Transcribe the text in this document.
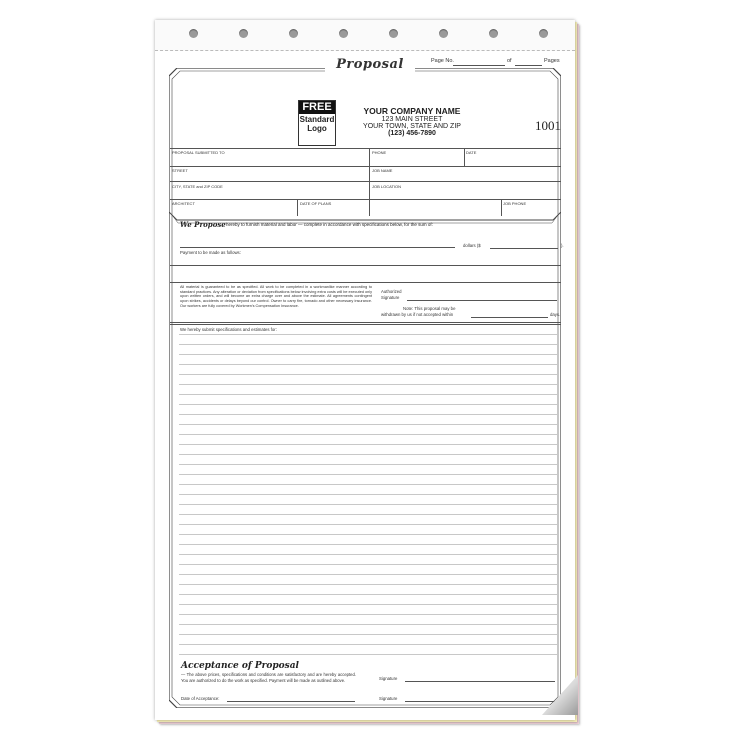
Proposal	Page No.	of	Pages
FREE
Standard
Logo
YOUR COMPANY NAME
123 MAIN STREET
YOUR TOWN, STATE AND ZIP
(123) 456-7890
1001
PROPOSAL SUBMITTED TO	PHONE	DATE
STREET	JOB NAME
CITY, STATE and ZIP CODE	JOB LOCATION
ARCHITECT	DATE OF PLANS	JOB PHONE
We Propose hereby to furnish material and labor — complete in accordance with specifications below, for the sum of:
dollars ($	).
Payment to be made as follows:
All material is guaranteed to be as specified. All work to be completed in a workmanlike manner according to standard practices. Any alteration or deviation from specifications below involving extra costs will be executed only upon written orders, and will become an extra charge over and above the estimate. All agreements contingent upon strikes, accidents or delays beyond our control. Owner to carry fire, tornado and other necessary insurance. Our workers are fully covered by Workmen's Compensation Insurance.
Authorized
Signature
Note: This proposal may be
withdrawn by us if not accepted within	days.
We hereby submit specifications and estimates for:
Acceptance of Proposal
— The above prices, specifications and conditions are satisfactory and are hereby accepted. You are authorized to do the work as specified. Payment will be made as outlined above.	Signature
Date of Acceptance:	Signature
